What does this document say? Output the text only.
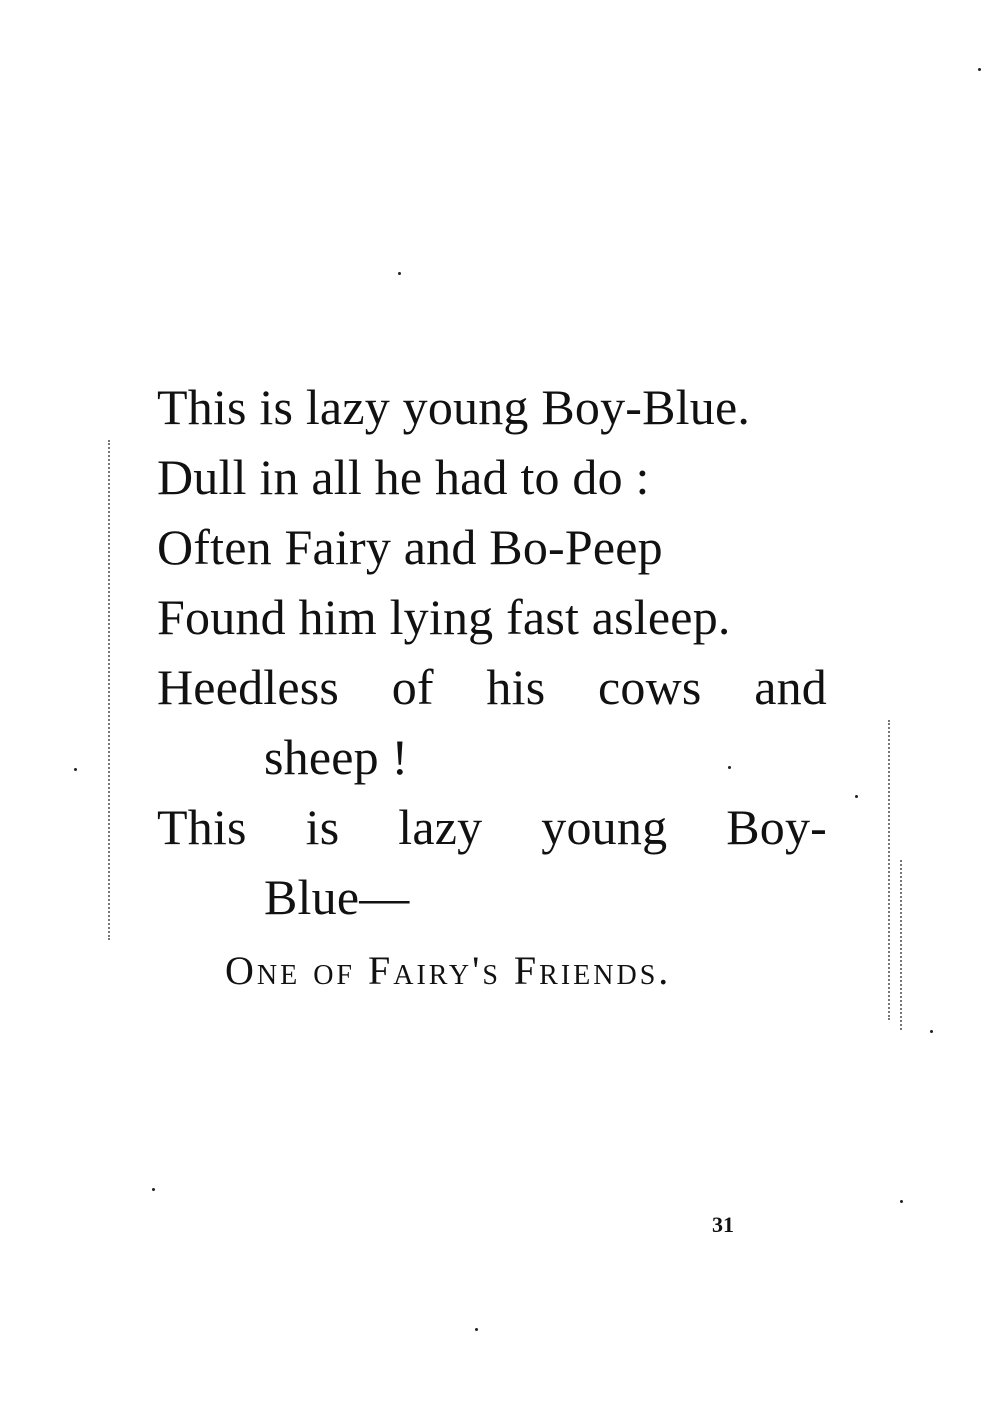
This is lazy young Boy-Blue.
Dull in all he had to do :
Often Fairy and Bo-Peep
Found him lying fast asleep.
Heedless of his cows and
sheep !
This is lazy young Boy-
Blue—
One of Fairy's Friends.
31
